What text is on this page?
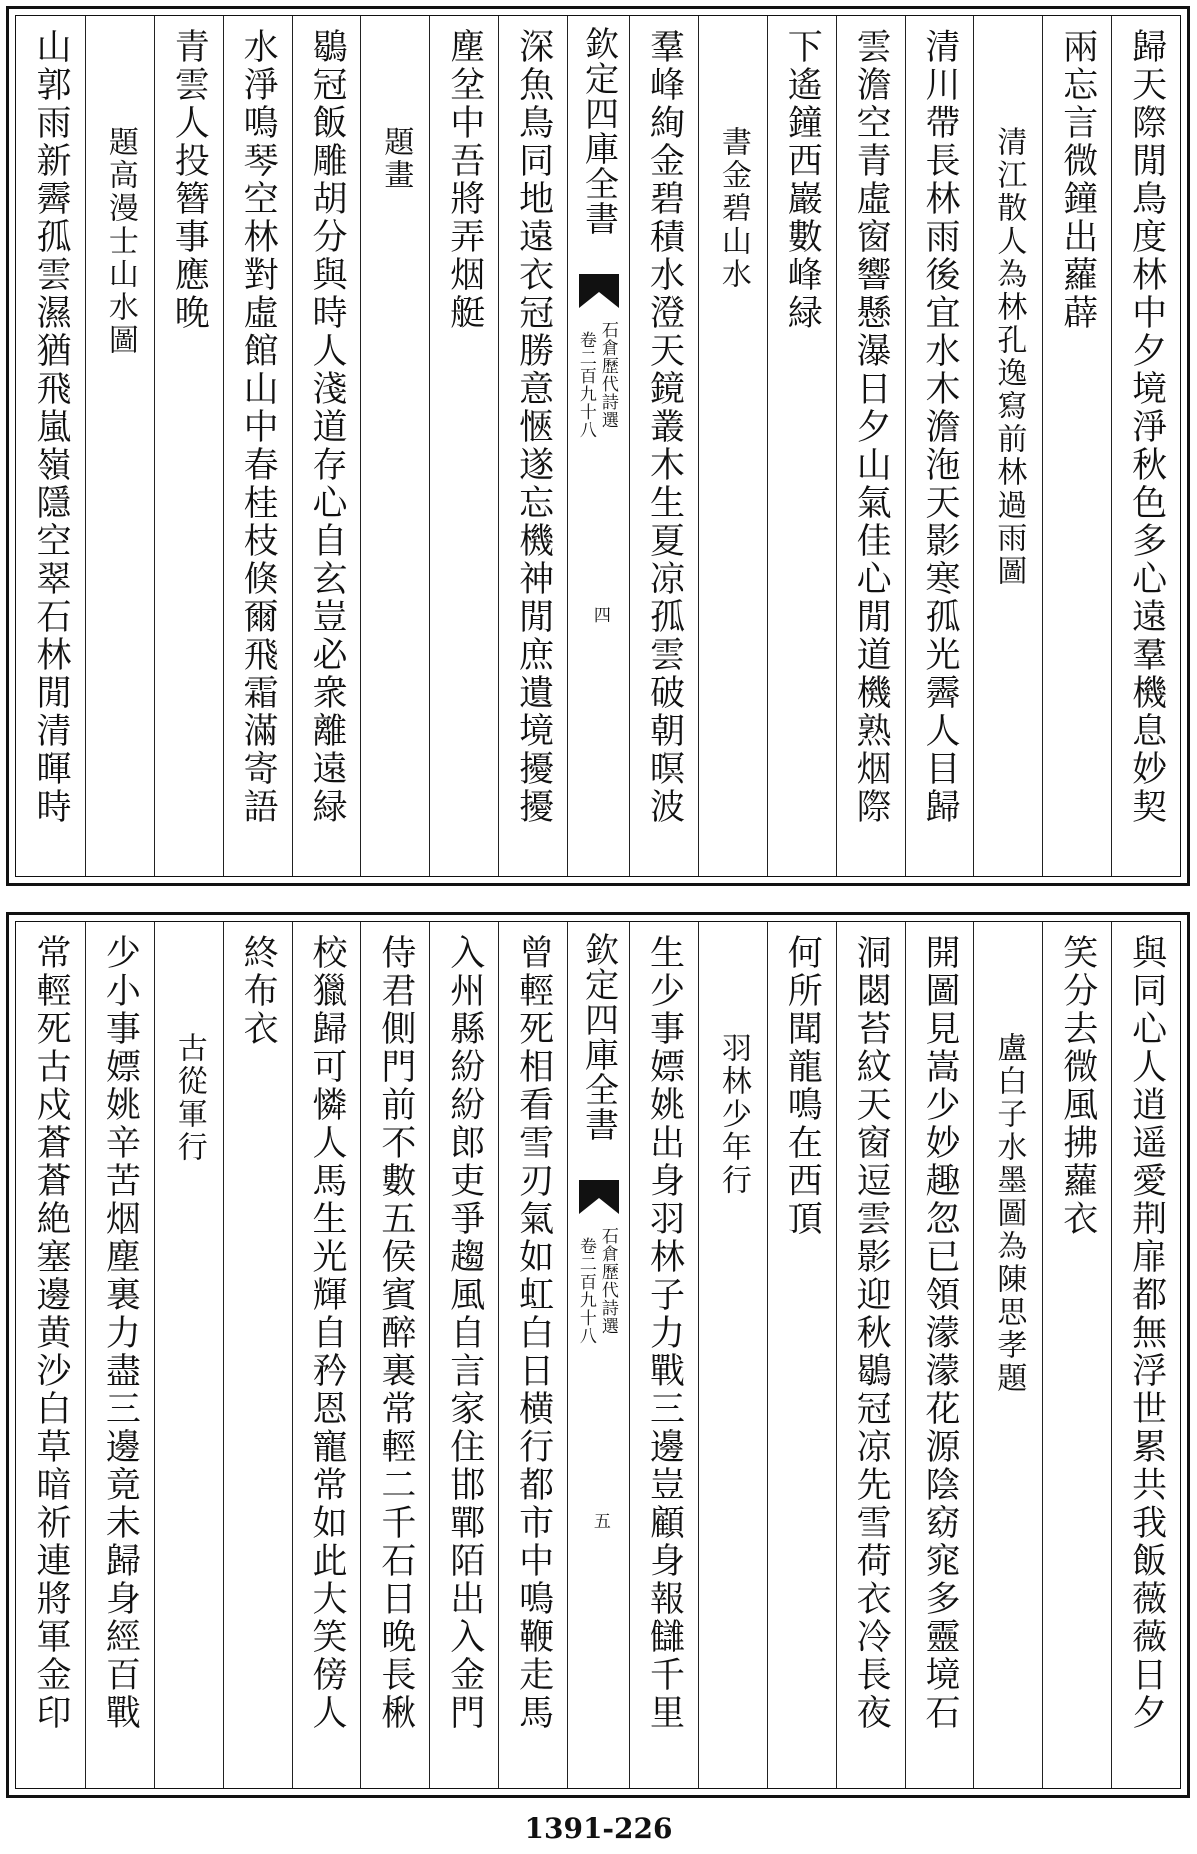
歸天際閒鳥度林中夕境淨秋色多心遠羣機息妙契
兩忘言微鐘出蘿薜
清江散人為林孔逸寫前林過雨圖
清川帶長林雨後宜水木澹沲天影寒孤光霽人目歸
雲澹空青虛窗響懸瀑日夕山氣佳心閒道機熟烟際
下遙鐘西巖數峰緑
書金碧山水
羣峰絢金碧積水澄天鏡叢木生夏凉孤雲破朝暝波
欽定四庫全書
石倉歷代詩選
卷二百九十八
四
深魚鳥同地遠衣冠勝意愜遂忘機神閒庶遺境擾擾
塵坌中吾將弄烟艇
題畫
鶡冠飯雕胡分與時人淺道存心自玄豈必衆離遠緑
水淨鳴琴空林對虛館山中春桂枝倏爾飛霜滿寄語
青雲人投簪事應晚
題高漫士山水圖
山郭雨新霽孤雲濕猶飛嵐嶺隱空翠石林閒清暉時
與同心人逍遥愛荆扉都無浮世累共我飯薇薇日夕
笑分去微風拂蘿衣
盧白子水墨圖為陳思孝題
開圖見嵩少妙趣忽已領濛濛花源陰窈窕多靈境石
洞閟苔紋天窗逗雲影迎秋鶡冠凉先雪荷衣冷長夜
何所聞龍鳴在西頂
羽林少年行
生少事嫖姚出身羽林子力戰三邊豈顧身報讎千里
欽定四庫全書
石倉歷代詩選
卷二百九十八
五
曾輕死相看雪刃氣如虹白日横行都市中鳴鞭走馬
入州縣紛紛郎吏爭趨風自言家住邯鄲陌出入金門
侍君側門前不數五侯賓醉裏常輕二千石日晚長楸
校獵歸可憐人馬生光輝自矜恩寵常如此大笑傍人
終布衣
古從軍行
少小事嫖姚辛苦烟塵裏力盡三邊竟未歸身經百戰
常輕死古戍蒼蒼絶塞邊黄沙白草暗祈連將軍金印
1391-226
